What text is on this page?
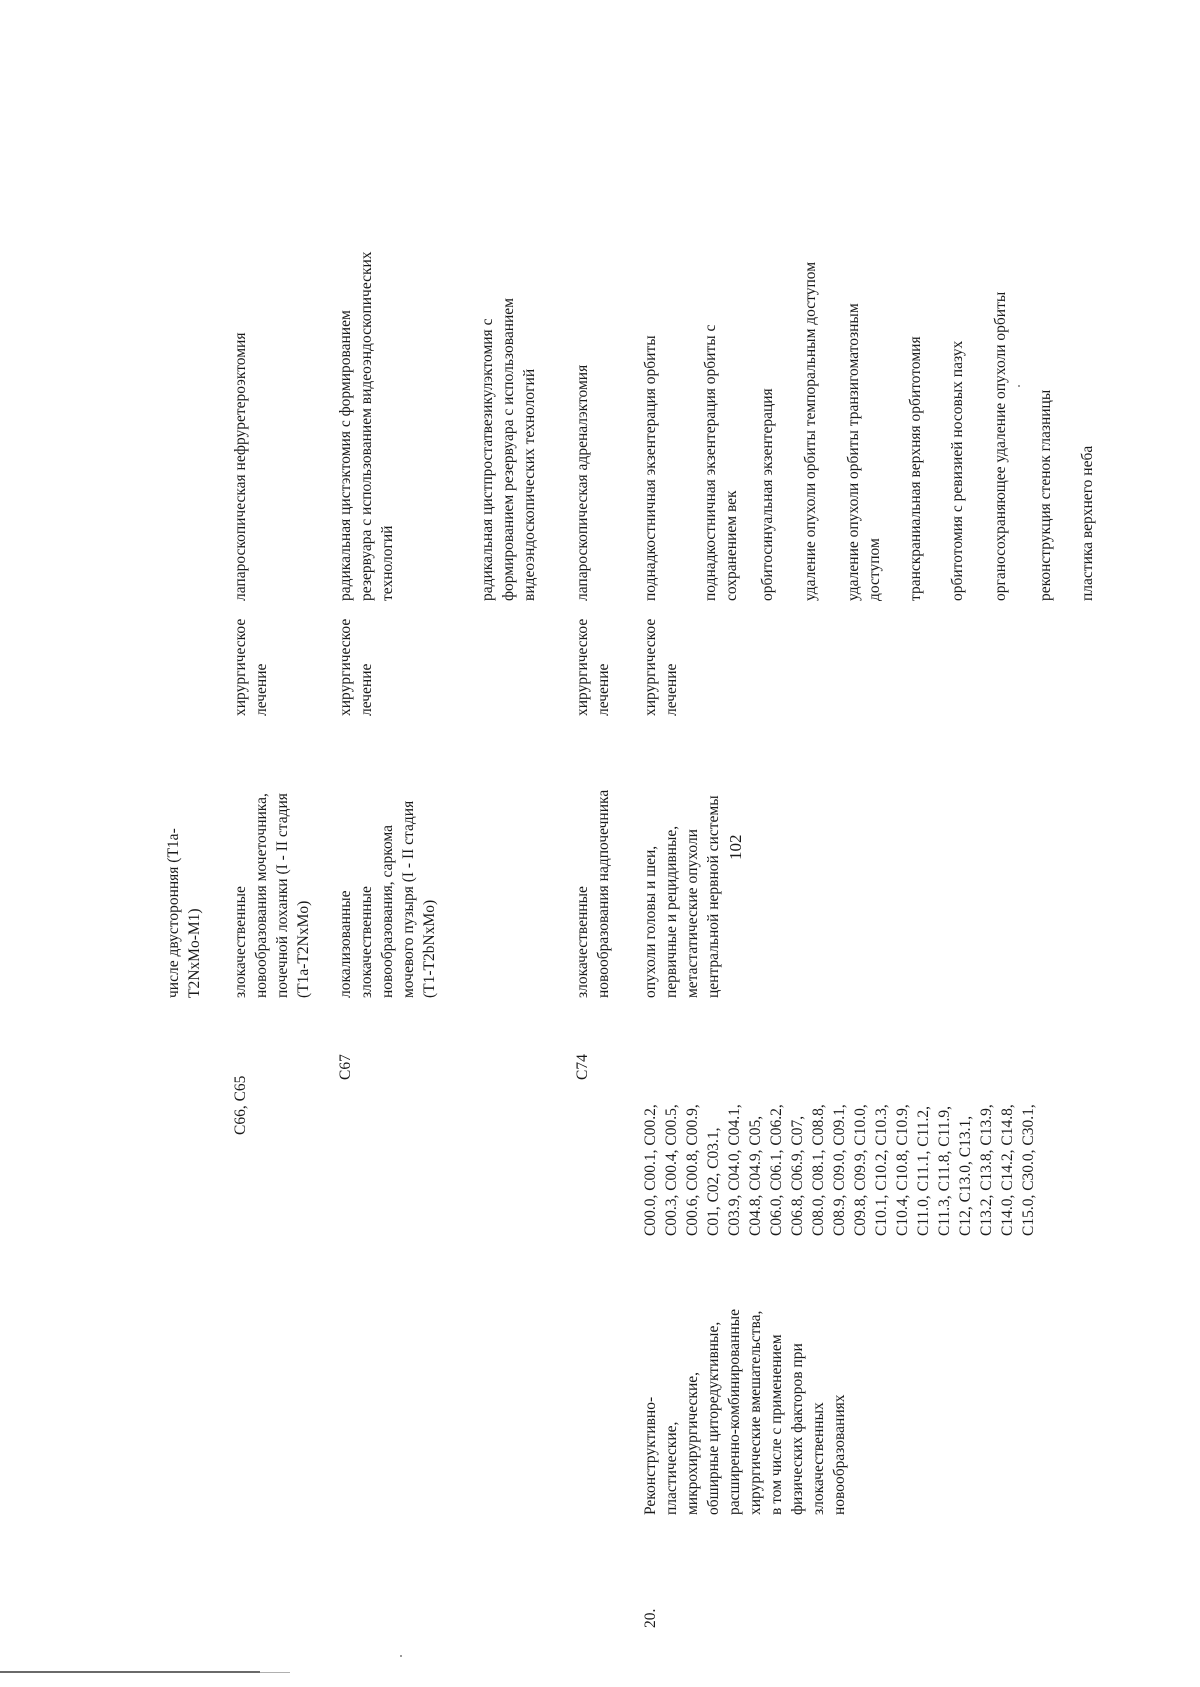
102
числе двусторонняя (T1a- T2NxMo-M1)
C66, C65
злокачественные новообразования мочеточника, почечной лоханки (I - II стадия (T1a-T2NxMo)
хирургическое лечение
лапароскопическая нефруретероэктомия
C67
локализованные злокачественные новообразования, саркома мочевого пузыря (I - II стадия (T1-T2bNxMo)
хирургическое лечение
радикальная цистэктомия с формированием резервуара с использованием видеоэндоскопических технологий	радикальная цистпростатвезикулэктомия с формированием резервуара с использованием видеоэндоскопических технологий
C74
злокачественные новообразования надпочечника
хирургическое лечение
лапароскопическая адреналэктомия
20.
Реконструктивно- пластические, микрохирургические, обширные циторедуктивные, расширенно-комбинированные хирургические вмешательства, в том числе с применением физических факторов при злокачественных новообразованиях
C00.0, C00.1, C00.2, C00.3, C00.4, C00.5, C00.6, C00.8, C00.9, C01, C02, C03.1, C03.9, C04.0, C04.1, C04.8, C04.9, C05, C06.0, C06.1, C06.2, C06.8, C06.9, C07, C08.0, C08.1, C08.8, C08.9, C09.0, C09.1, C09.8, C09.9, C10.0, C10.1, C10.2, C10.3, C10.4, C10.8, C10.9, C11.0, C11.1, C11.2, C11.3, C11.8, C11.9, C12, C13.0, C13.1, C13.2, C13.8, C13.9, C14.0, C14.2, C14.8, C15.0, C30.0, C30.1,
опухоли головы и шеи, первичные и рецидивные, метастатические опухоли центральной нервной системы
хирургическое лечение
поднадкостничная экзентерация орбиты	поднадкостничная экзентерация орбиты с сохранением век орбитосинуальная экзентерация удаление опухоли орбиты темпоральным доступом удаление опухоли орбиты транзигоматозным доступом транскраниальная верхняя орбитотомия орбитотомия с ревизией носовых пазух органосохраняющее удаление опухоли орбиты реконструкция стенок глазницы пластика верхнего неба
